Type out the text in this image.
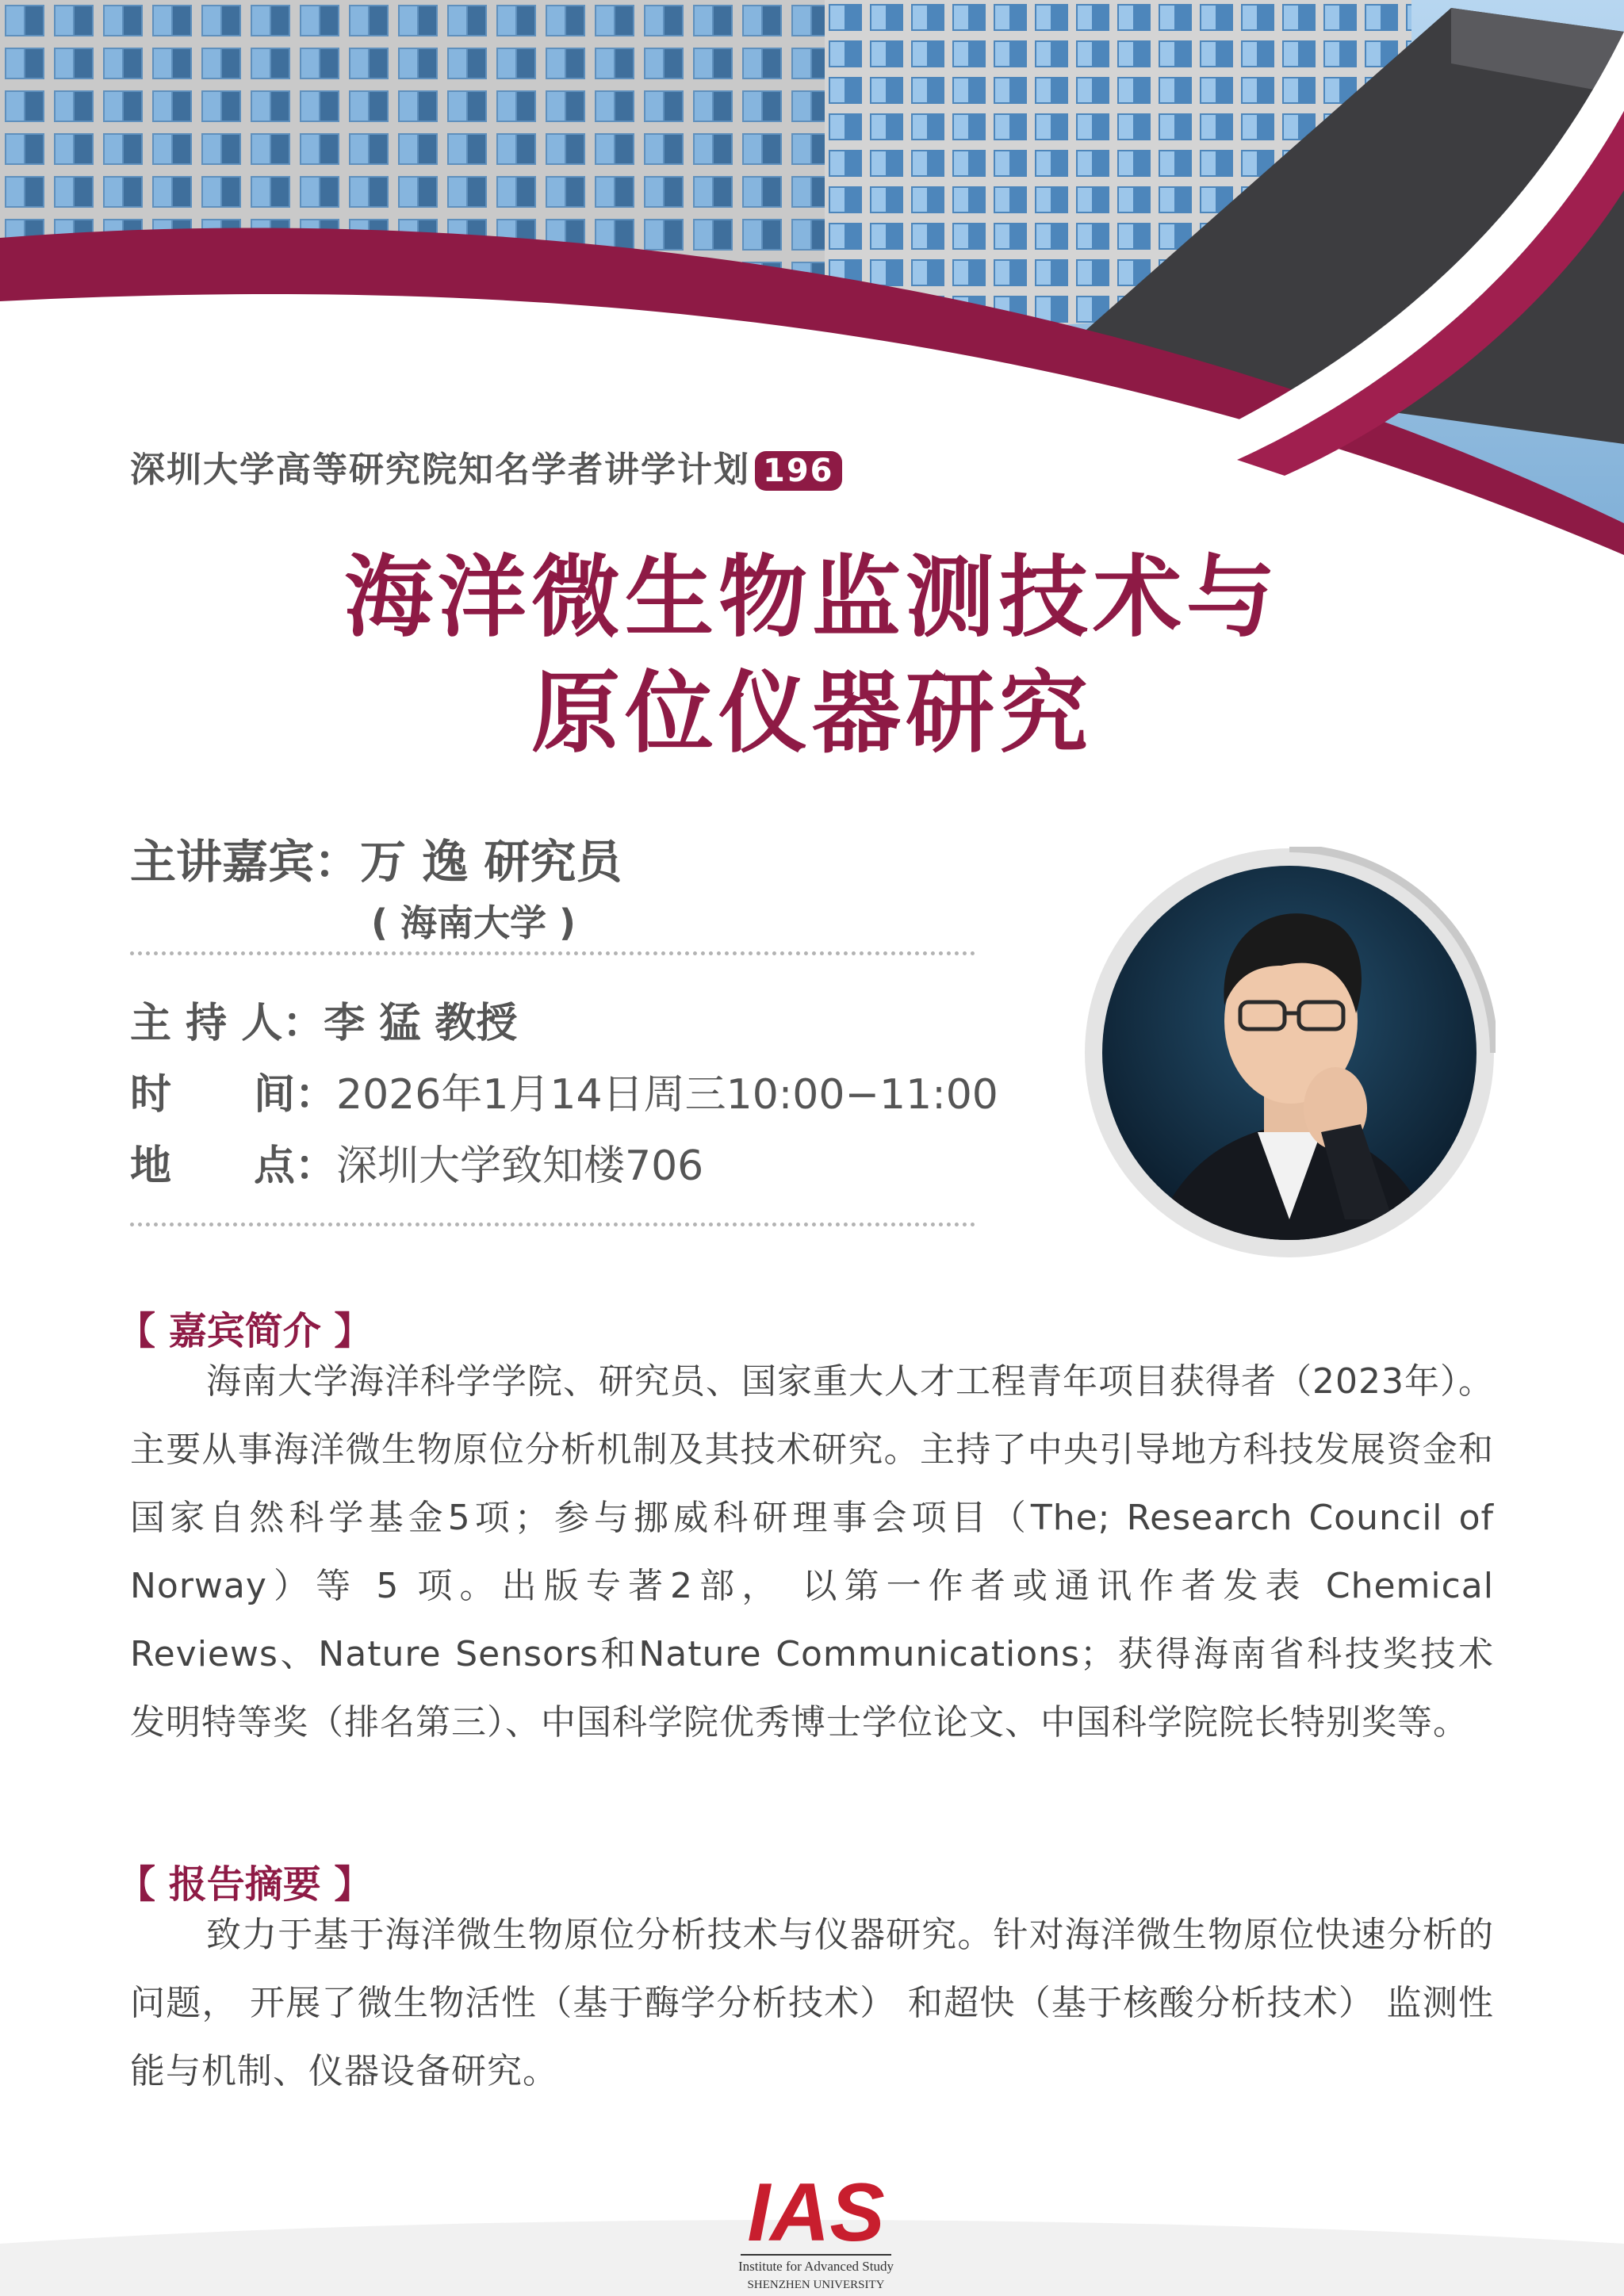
深圳大学高等研究院知名学者讲学计划 196
海洋微生物监测技术与
原位仪器研究
主讲嘉宾：万 逸 研究员
( 海南大学 )
主 持 人：李 猛 教授
时　　间：2026年1月14日周三10:00−11:00
地　　点：深圳大学致知楼706
【 嘉宾简介 】
海南大学海洋科学学院、研究员、国家重大人才工程青年项目获得者（2023年）。主要从事海洋微生物原位分析机制及其技术研究。主持了中央引导地方科技发展资金和国家自然科学基金5项；参与挪威科研理事会项目（The; Research Council of Norway）等 5 项。出版专著2部， 以第一作者或通讯作者发表 Chemical Reviews、Nature Sensors和Nature Communications；获得海南省科技奖技术发明特等奖（排名第三）、中国科学院优秀博士学位论文、中国科学院院长特别奖等。
【 报告摘要 】
致力于基于海洋微生物原位分析技术与仪器研究。针对海洋微生物原位快速分析的问题， 开展了微生物活性（基于酶学分析技术） 和超快（基于核酸分析技术） 监测性能与机制、仪器设备研究。
IAS
Institute for Advanced Study
SHENZHEN UNIVERSITY
